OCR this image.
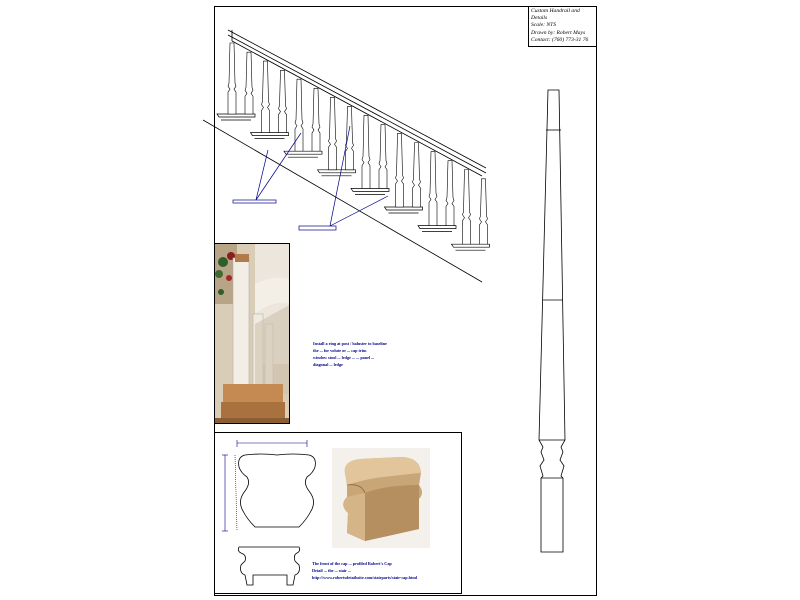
Custom Handrail and
Details
Scale: NTS
Drawn by: Robert Mays
Contact: (760) 773-31 76
Install a ring at post / baluster to baseline
the ... for volute or ... cap trim
window stool ... ledge ... ... panel ...
diagonal ... ledge
The front of the cap ... profiled Robert's Cap
Detail ... the ... stair ...
http://www.robertsdetailssite.com/stairparts/stair-cap.html
